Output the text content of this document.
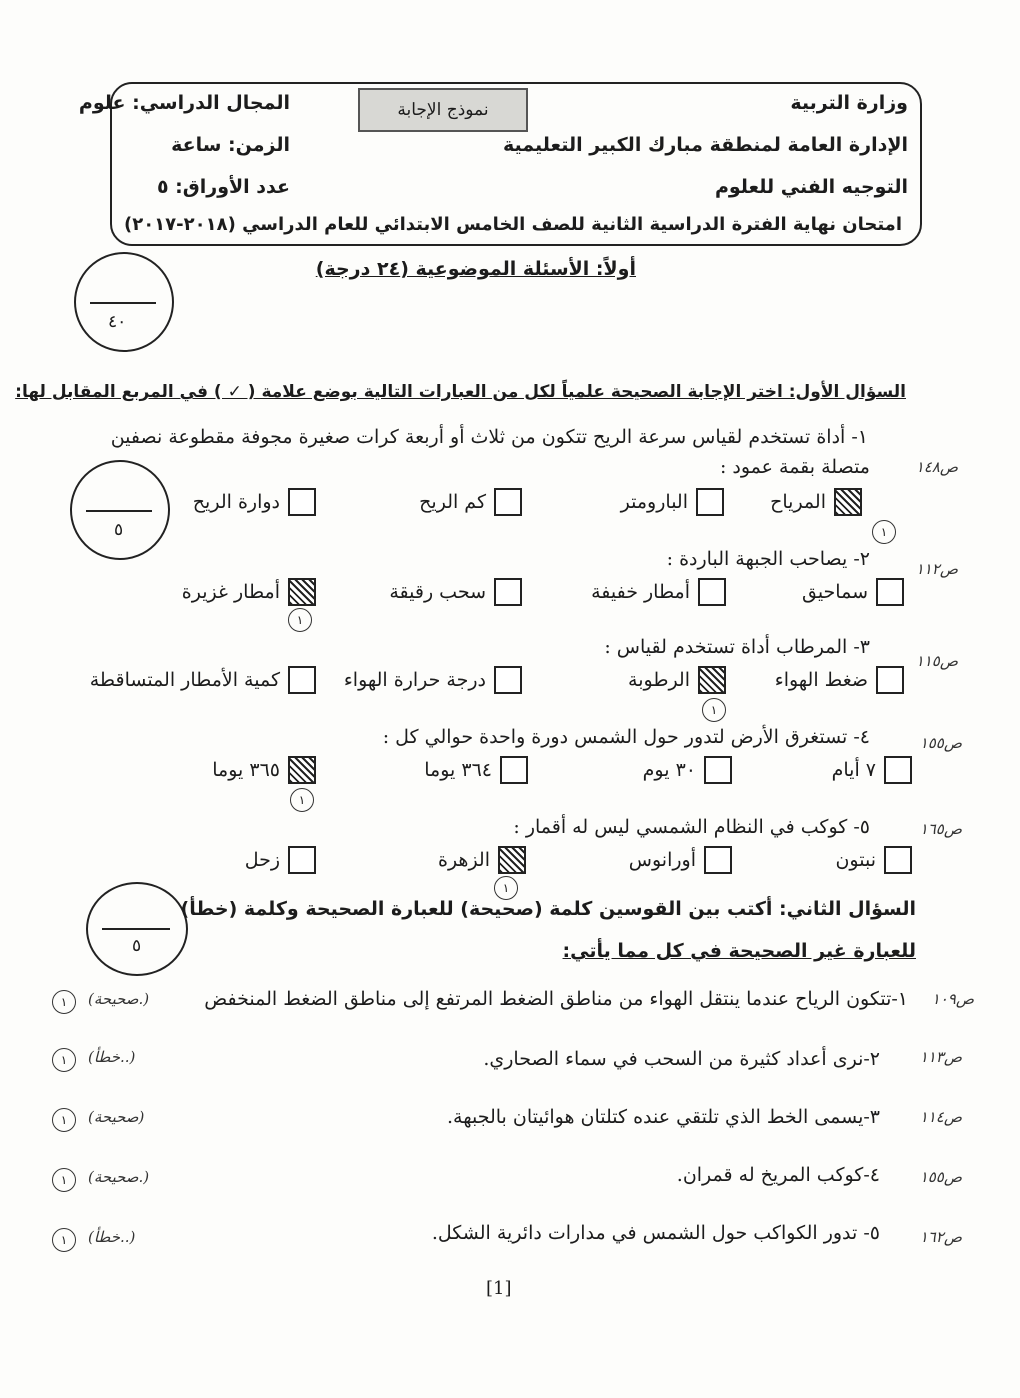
نموذج الإجابة	وزارة التربية
الإدارة العامة لمنطقة مبارك الكبير التعليمية
التوجيه الفني للعلوم
المجال الدراسي: علوم
الزمن: ساعة
عدد الأوراق: ٥
امتحان نهاية الفترة الدراسية الثانية للصف الخامس الابتدائي للعام الدراسي (٢٠١٨-٢٠١٧)
٤٠
أولاً: الأسئلة الموضوعية (٢٤ درجة)
السؤال الأول: اختر الإجابة الصحيحة علمياً لكل من العبارات التالية بوضع علامة ( ✓ ) في المربع المقابل لها:
٥
١- أداة تستخدم لقياس سرعة الريح تتكون من ثلاث أو أربعة كرات صغيرة مجوفة مقطوعة نصفين
متصلة بقمة عمود :	ص١٤٨
المرياح
البارومتر
كم الريح
دوارة الريح
١
٢- يصاحب الجبهة الباردة :	ص١١٢
سماحيق
أمطار خفيفة
سحب رقيقة
أمطار غزيرة
١
٣- المرطاب أداة تستخدم لقياس :
ص١١٥
ضغط الهواء
الرطوبة
درجة حرارة الهواء
كمية الأمطار المتساقطة
١
٤- تستغرق الأرض لتدور حول الشمس دورة واحدة حوالي كل :	ص١٥٥
٧ أيام
٣٠ يوم
٣٦٤ يوما
٣٦٥ يوما
١
٥- كوكب في النظام الشمسي ليس له أقمار :	ص١٦٥
نبتون
أورانوس
الزهرة
زحل
١
٥
السؤال الثاني: أكتب بين القوسين كلمة (صحيحة) للعبارة الصحيحة وكلمة (خطأ)
للعبارة غير الصحيحة في كل مما يأتي:
١-تتكون الرياح عندما ينتقل الهواء من مناطق الضغط المرتفع إلى مناطق الضغط المنخفض ص١٠٩
(صحيحة.)
١
٢-نرى أعداد كثيرة من السحب في سماء الصحاري.	ص١١٣
(خطأ..)
١
٣-يسمى الخط الذي تلتقي عنده كتلتان هوائيتان بالجبهة.	ص١١٤
(صحيحة)
١
٤-كوكب المريخ له قمران.	ص١٥٥
(صحيحة.)
١
٥- تدور الكواكب حول الشمس في مدارات دائرية الشكل.	ص١٦٢
(خطأ..)
١
[1]
